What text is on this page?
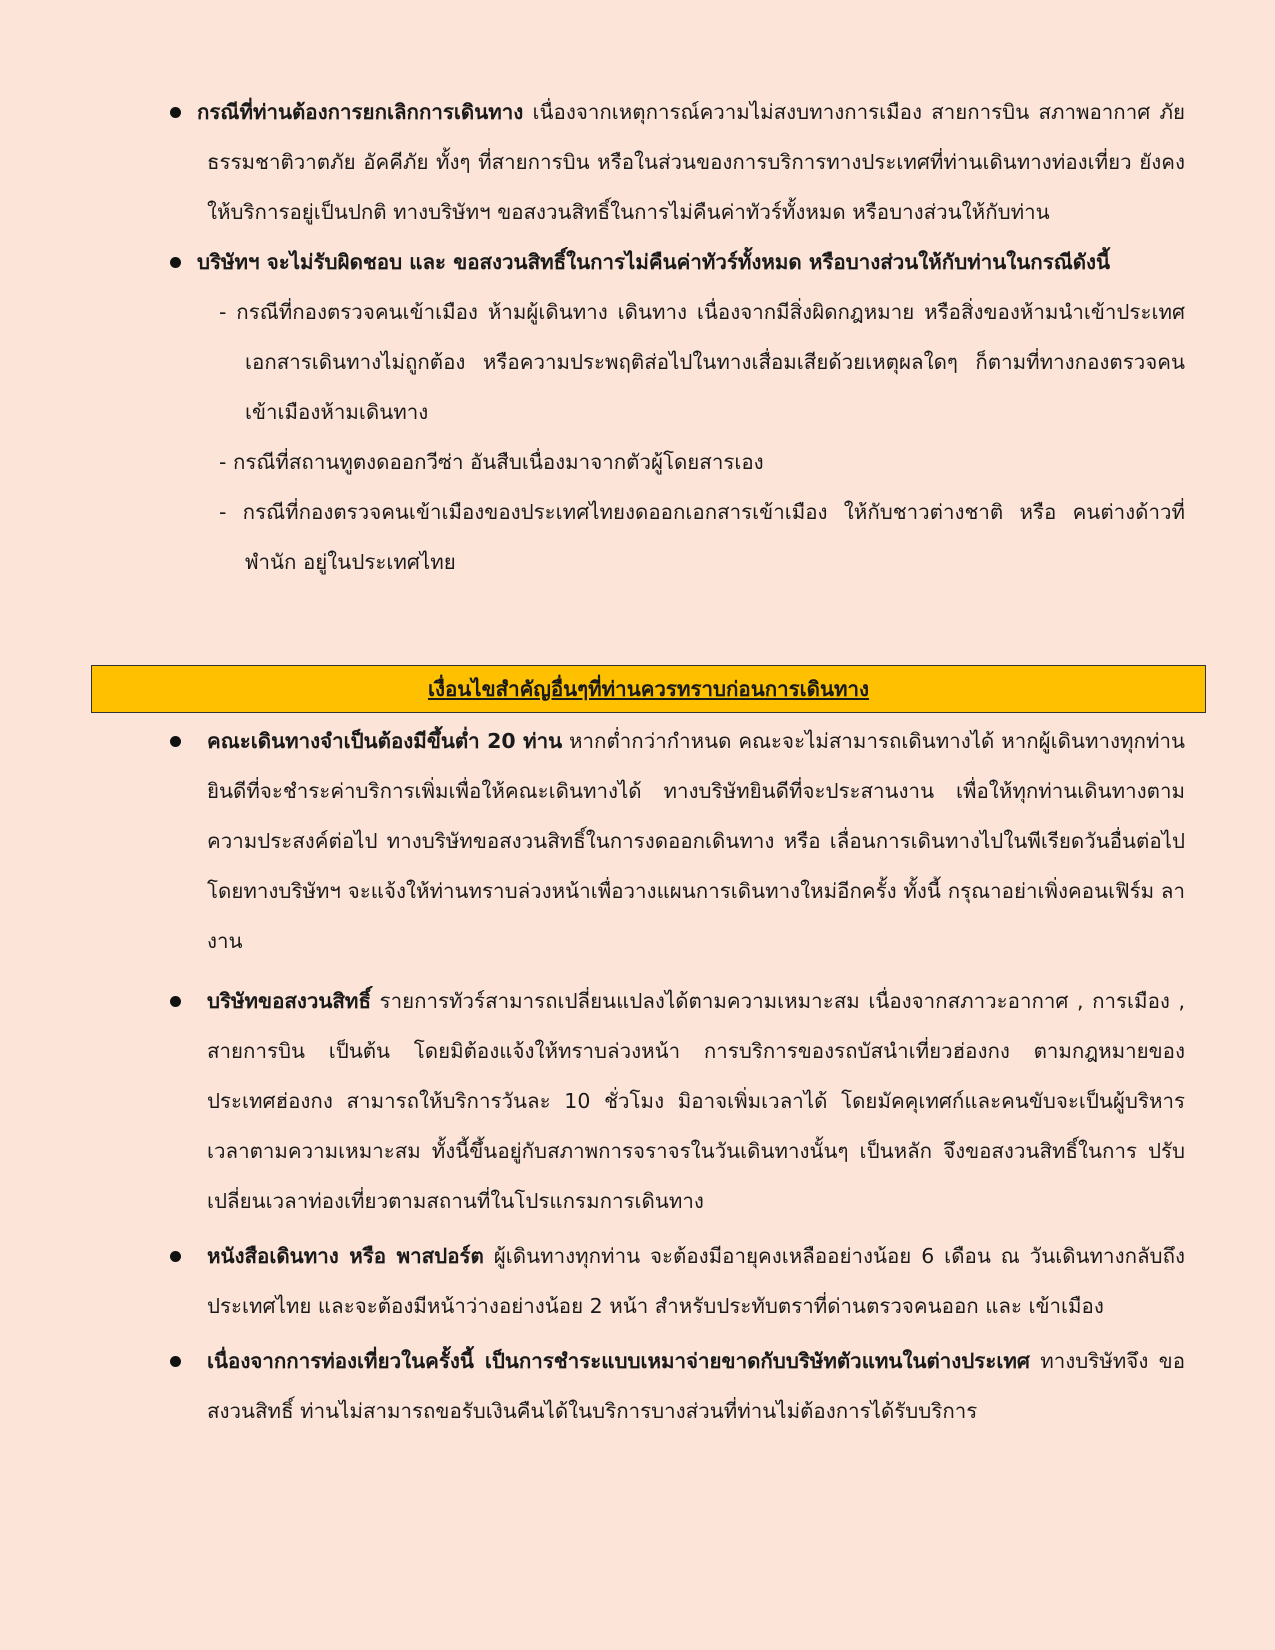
กรณีที่ท่านต้องการยกเลิกการเดินทาง เนื่องจากเหตุการณ์ความไม่สงบทางการเมือง สายการบิน สภาพอากาศ ภัยธรรมชาติวาตภัย อัคคีภัย ทั้งๆ ที่สายการบิน หรือในส่วนของการบริการทางประเทศที่ท่านเดินทางท่องเที่ยว ยังคงให้บริการอยู่เป็นปกติ ทางบริษัทฯ ขอสงวนสิทธิ์ในการไม่คืนค่าทัวร์ทั้งหมด หรือบางส่วนให้กับท่าน
บริษัทฯ จะไม่รับผิดชอบ และ ขอสงวนสิทธิ์ในการไม่คืนค่าทัวร์ทั้งหมด หรือบางส่วนให้กับท่านในกรณีดังนี้
- กรณีที่กองตรวจคนเข้าเมือง ห้ามผู้เดินทาง เดินทาง เนื่องจากมีสิ่งผิดกฎหมาย หรือสิ่งของห้ามนำเข้าประเทศ เอกสารเดินทางไม่ถูกต้อง หรือความประพฤติส่อไปในทางเสื่อมเสียด้วยเหตุผลใดๆ ก็ตามที่ทางกองตรวจคน เข้าเมืองห้ามเดินทาง
- กรณีที่สถานทูตงดออกวีซ่า อันสืบเนื่องมาจากตัวผู้โดยสารเอง
- กรณีที่กองตรวจคนเข้าเมืองของประเทศไทยงดออกเอกสารเข้าเมือง ให้กับชาวต่างชาติ หรือ คนต่างด้าวที่พำนัก อยู่ในประเทศไทย
เงื่อนไขสำคัญอื่นๆที่ท่านควรทราบก่อนการเดินทาง
คณะเดินทางจำเป็นต้องมีขึ้นต่ำ 20 ท่าน หากต่ำกว่ากำหนด คณะจะไม่สามารถเดินทางได้ หากผู้เดินทางทุกท่าน ยินดีที่จะชำระค่าบริการเพิ่มเพื่อให้คณะเดินทางได้ ทางบริษัทยินดีที่จะประสานงาน เพื่อให้ทุกท่านเดินทางตาม ความประสงค์ต่อไป ทางบริษัทขอสงวนสิทธิ์ในการงดออกเดินทาง หรือ เลื่อนการเดินทางไปในพีเรียดวันอื่นต่อไป โดยทางบริษัทฯ จะแจ้งให้ท่านทราบล่วงหน้าเพื่อวางแผนการเดินทางใหม่อีกครั้ง ทั้งนี้ กรุณาอย่าเพิ่งคอนเฟิร์ม ลางาน
บริษัทขอสงวนสิทธิ์ รายการทัวร์สามารถเปลี่ยนแปลงได้ตามความเหมาะสม เนื่องจากสภาวะอากาศ , การเมือง , สายการบิน เป็นต้น โดยมิต้องแจ้งให้ทราบล่วงหน้า การบริการของรถบัสนำเที่ยวฮ่องกง ตามกฎหมายของ ประเทศฮ่องกง สามารถให้บริการวันละ 10 ชั่วโมง มิอาจเพิ่มเวลาได้ โดยมัคคุเทศก์และคนขับจะเป็นผู้บริหาร เวลาตามความเหมาะสม ทั้งนี้ขึ้นอยู่กับสภาพการจราจรในวันเดินทางนั้นๆ เป็นหลัก จึงขอสงวนสิทธิ์ในการ ปรับเปลี่ยนเวลาท่องเที่ยวตามสถานที่ในโปรแกรมการเดินทาง
หนังสือเดินทาง หรือ พาสปอร์ต ผู้เดินทางทุกท่าน จะต้องมีอายุคงเหลืออย่างน้อย 6 เดือน ณ วันเดินทางกลับถึง ประเทศไทย และจะต้องมีหน้าว่างอย่างน้อย 2 หน้า สำหรับประทับตราที่ด่านตรวจคนออก และ เข้าเมือง
เนื่องจากการท่องเที่ยวในครั้งนี้ เป็นการชำระแบบเหมาจ่ายขาดกับบริษัทตัวแทนในต่างประเทศ ทางบริษัทจึง ขอสงวนสิทธิ์ ท่านไม่สามารถขอรับเงินคืนได้ในบริการบางส่วนที่ท่านไม่ต้องการได้รับบริการ
